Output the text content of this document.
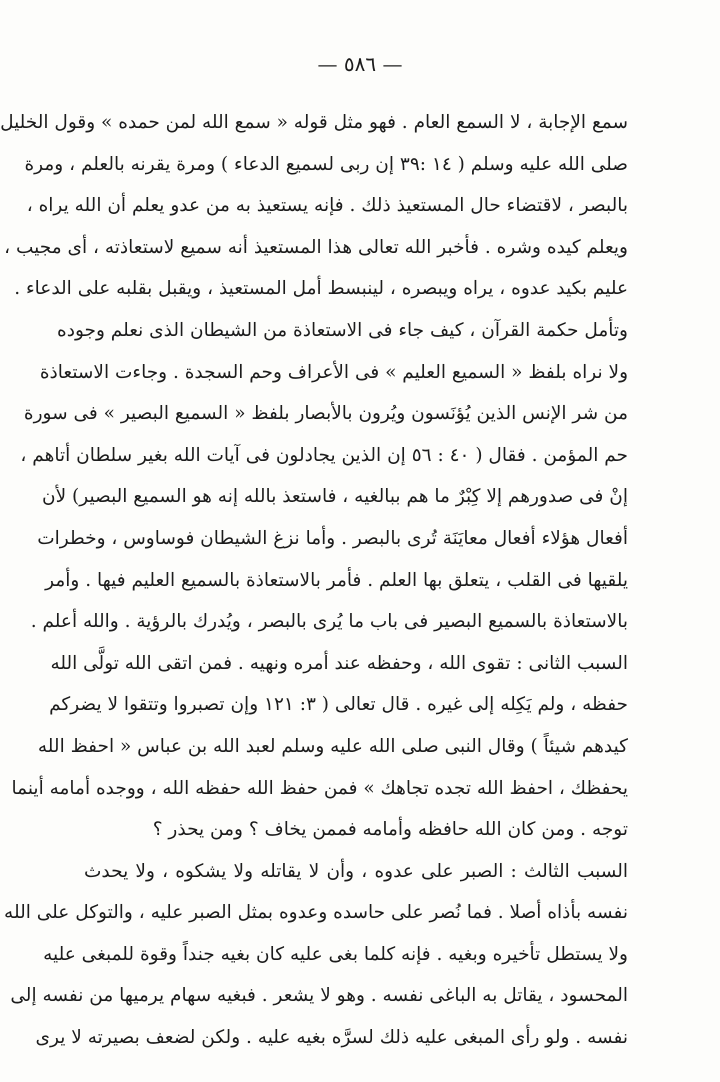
— ٥٨٦ —
سمع الإجابة ، لا السمع العام . فهو مثل قوله « سمع الله لمن حمده » وقول الخليل
صلى الله عليه وسلم ( ١٤ :٣٩ إن ربى لسميع الدعاء ) ومرة يقرنه بالعلم ، ومرة
بالبصر ، لاقتضاء حال المستعيذ ذلك . فإنه يستعيذ به من عدو يعلم أن الله يراه ،
ويعلم كيده وشره . فأخبر الله تعالى هذا المستعيذ أنه سميع لاستعاذته ، أى مجيب ،
عليم بكيد عدوه ، يراه ويبصره ، لينبسط أمل المستعيذ ، ويقبل بقلبه على الدعاء .
وتأمل حكمة القرآن ، كيف جاء فى الاستعاذة من الشيطان الذى نعلم وجوده
ولا نراه بلفظ « السميع العليم » فى الأعراف وحم السجدة . وجاءت الاستعاذة
من شر الإنس الذين يُؤنَسون ويُرون بالأبصار بلفظ « السميع البصير » فى سورة
حم المؤمن . فقال ( ٤٠ : ٥٦ إن الذين يجادلون فى آيات الله بغير سلطان أتاهم ،
إنْ فى صدورهم إلا كِبْرٌ ما هم ببالغيه ، فاستعذ بالله إنه هو السميع البصير) لأن
أفعال هؤلاء أفعال معايَنَة تُرى بالبصر . وأما نزغ الشيطان فوساوس ، وخطرات
يلقيها فى القلب ، يتعلق بها العلم . فأمر بالاستعاذة بالسميع العليم فيها . وأمر
بالاستعاذة بالسميع البصير فى باب ما يُرى بالبصر ، ويُدرك بالرؤية . والله أعلم .
السبب الثانى : تقوى الله ، وحفظه عند أمره ونهيه . فمن اتقى الله تولَّى الله
حفظه ، ولم يَكِله إلى غيره . قال تعالى ( ٣: ١٢١ وإن تصبروا وتتقوا لا يضركم
كيدهم شيئاً ) وقال النبى صلى الله عليه وسلم لعبد الله بن عباس « احفظ الله
يحفظك ، احفظ الله تجده تجاهك » فمن حفظ الله حفظه الله ، ووجده أمامه أينما
توجه . ومن كان الله حافظه وأمامه فممن يخاف ؟ ومن يحذر ؟
السبب الثالث : الصبر على عدوه ، وأن لا يقاتله ولا يشكوه ، ولا يحدث
نفسه بأذاه أصلا . فما نُصر على حاسده وعدوه بمثل الصبر عليه ، والتوكل على الله
ولا يستطل تأخيره وبغيه . فإنه كلما بغى عليه كان بغيه جنداً وقوة للمبغى عليه
المحسود ، يقاتل به الباغى نفسه . وهو لا يشعر . فبغيه سهام يرميها من نفسه إلى
نفسه . ولو رأى المبغى عليه ذلك لسرَّه بغيه عليه . ولكن لضعف بصيرته لا يرى
